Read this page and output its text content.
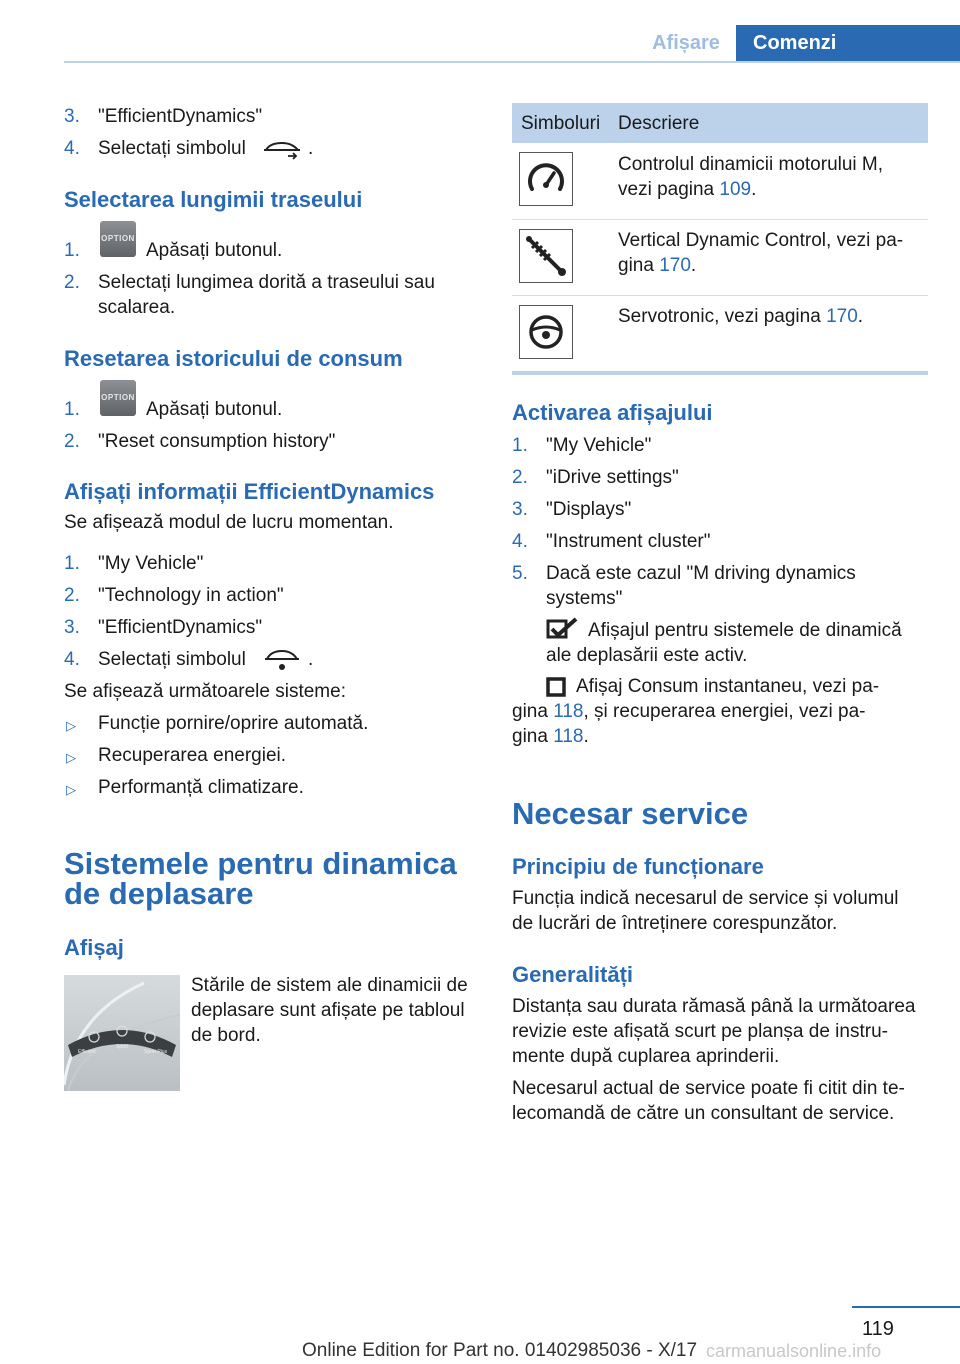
Afișare	Comenzi
3. "EfficientDynamics"
4. Selectați simbolul	.
Selectarea lungimii traseului
1.
OPTION
Apăsați butonul.
2. Selectați lungimea dorită a traseului sau
scalarea.
Resetarea istoricului de consum
1.
OPTION
Apăsați butonul.
2. "Reset consumption history"
Afișați informații EfficientDynamics
Se afișează modul de lucru momentan.
1. "My Vehicle"
2. "Technology in action"
3. "EfficientDynamics"
4. Selectați simbolul	.
Se afișează următoarele sisteme:
▷ Funcție pornire/oprire automată.
▷ Recuperarea energiei.
▷ Performanță climatizare.
Sistemele pentru dinamica
de deplasare
Afișaj
Efficient
Sport
Sport Plus
Stările de sistem ale dinamicii de
deplasare sunt afișate pe tabloul
de bord.
Simboluri Descriere
Controlul dinamicii motorului M,
vezi pagina 109.
Vertical Dynamic Control, vezi pa-
gina 170.
Servotronic, vezi pagina 170.
Activarea afișajului
1. "My Vehicle"
2. "iDrive settings"
3. "Displays"
4. "Instrument cluster"
5. Dacă este cazul "M driving dynamics
systems"
Afișajul pentru sistemele de dinamică
ale deplasării este activ.
Afișaj Consum instantaneu, vezi pa-
gina 118, și recuperarea energiei, vezi pa-
gina 118.
Necesar service
Principiu de funcționare
Funcția indică necesarul de service și volumul
de lucrări de întreținere corespunzător.
Generalități
Distanța sau durata rămasă până la următoarea
revizie este afișată scurt pe planșa de instru-
mente după cuplarea aprinderii.
Necesarul actual de service poate fi citit din te-
lecomandă de către un consultant de service.
119
Online Edition for Part no. 01402985036 - X/17 carmanualsonline.info
